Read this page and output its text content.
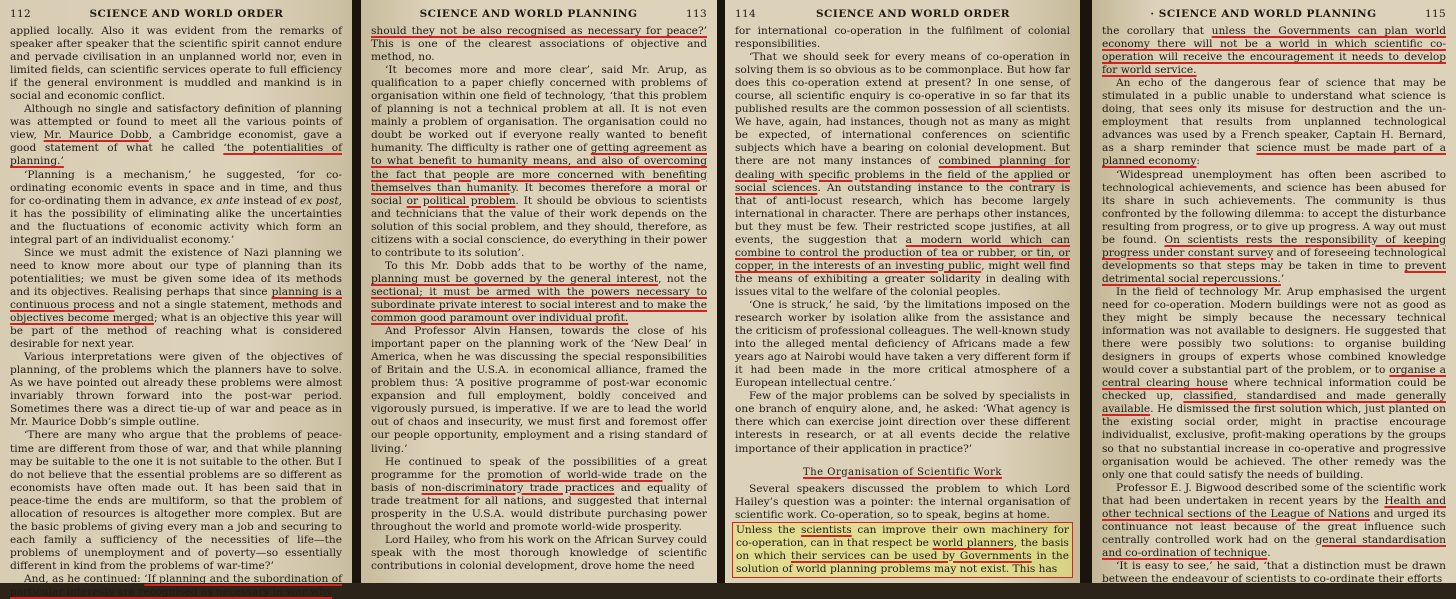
112	SCIENCE AND WORLD ORDER

applied locally. Also it was evident from the remarks of speaker after speaker that the scientific spirit cannot endure and pervade civilisation in an unplanned world nor, even in limited fields, can scientific services operate to full efficiency if the general environment is muddled and mankind is in social and economic conflict.

Although no single and satisfactory definition of planning was attempted or found to meet all the various points of view, Mr. Maurice Dobb, a Cambridge economist, gave a good statement of what he called ‘the potentialities of planning.’

‘Planning is a mechanism,’ he suggested, ‘for co-ordinating economic events in space and in time, and thus for co-ordinating them in advance, ex ante instead of ex post, it has the possibility of eliminating alike the uncertainties and the fluctuations of economic activity which form an integral part of an individualist economy.’

Since we must admit the existence of Nazi planning we need to know more about our type of planning than its potentialities; we must be given some idea of its methods and its objectives. Realising perhaps that since planning is a continuous process and not a single statement, methods and objectives become merged; what is an objective this year will be part of the method of reaching what is considered desirable for next year.

Various interpretations were given of the objectives of planning, of the problems which the planners have to solve. As we have pointed out already these problems were almost invariably thrown forward into the post-war period. Sometimes there was a direct tie-up of war and peace as in Mr. Maurice Dobb’s simple outline.

‘There are many who argue that the problems of peace-time are different from those of war, and that while planning may be suitable to the one it is not suitable to the other. But I do not believe that the essential problems are so different as economists have often made out. It has been said that in peace-time the ends are multiform, so that the problem of allocation of resources is altogether more complex. But are the basic problems of giving every man a job and securing to each family a sufficiency of the necessities of life—the problems of unemployment and of poverty—so essentially different in kind from the problems of war-time?’

And, as he continued: ‘If planning and the subordination of particular interests are recognised as necessary in war why

SCIENCE AND WORLD PLANNING	113

should they not be also recognised as necessary for peace?’ This is one of the clearest associations of objective and method, no.

‘It becomes more and more clear’, said Mr. Arup, as qualification to a paper chiefly concerned with problems of organisation within one field of technology, ‘that this problem of planning is not a technical problem at all. It is not even mainly a problem of organisation. The organisation could no doubt be worked out if everyone really wanted to benefit humanity. The difficulty is rather one of getting agreement as to what benefit to humanity means, and also of overcoming the fact that people are more concerned with benefiting themselves than humanity. It becomes therefore a moral or social or political problem. It should be obvious to scientists and technicians that the value of their work depends on the solution of this social problem, and they should, therefore, as citizens with a social conscience, do everything in their power to contribute to its solution’.

To this Mr. Dobb adds that to be worthy of the name, planning must be governed by the general interest, not the sectional; it must be armed with the powers necessary to subordinate private interest to social interest and to make the common good paramount over individual profit.

And Professor Alvin Hansen, towards the close of his important paper on the planning work of the ‘New Deal’ in America, when he was discussing the special responsibilities of Britain and the U.S.A. in economical alliance, framed the problem thus: ‘A positive programme of post-war economic expansion and full employment, boldly conceived and vigorously pursued, is imperative. If we are to lead the world out of chaos and insecurity, we must first and foremost offer our people opportunity, employment and a rising standard of living.’

He continued to speak of the possibilities of a great programme for the promotion of world-wide trade on the basis of non-discriminatory trade practices and equality of trade treatment for all nations, and suggested that internal prosperity in the U.S.A. would distribute purchasing power throughout the world and promote world-wide prosperity.

Lord Hailey, who from his work on the African Survey could speak with the most thorough knowledge of scientific contributions in colonial development, drove home the need

114	SCIENCE AND WORLD ORDER

for international co-operation in the fulfilment of colonial responsibilities.

‘That we should seek for every means of co-operation in solving them is so obvious as to be commonplace. But how far does this co-operation extend at present? In one sense, of course, all scientific enquiry is co-operative in so far that its published results are the common possession of all scientists. We have, again, had instances, though not as many as might be expected, of international conferences on scientific subjects which have a bearing on colonial development. But there are not many instances of combined planning for dealing with specific problems in the field of the applied or social sciences. An outstanding instance to the contrary is that of anti-locust research, which has become largely international in character. There are perhaps other instances, but they must be few. Their restricted scope justifies, at all events, the suggestion that a modern world which can combine to control the production of tea or rubber, or tin, or copper, in the interests of an investing public, might well find the means of exhibiting a greater solidarity in dealing with issues vital to the welfare of the colonial peoples.

‘One is struck,’ he said, ‘by the limitations imposed on the research worker by isolation alike from the assistance and the criticism of professional colleagues. The well-known study into the alleged mental deficiency of Africans made a few years ago at Nairobi would have taken a very different form if it had been made in the more critical atmosphere of a European intellectual centre.’

Few of the major problems can be solved by specialists in one branch of enquiry alone, and, he asked: ‘What agency is there which can exercise joint direction over these different interests in research, or at all events decide the relative importance of their application in practice?’

The Organisation of Scientific Work

Several speakers discussed the problem to which Lord Hailey’s question was a pointer: the internal organisation of scientific work. Co-operation, so to speak, begins at home.

Unless the scientists can improve their own machinery for co-operation, can in that respect be world planners, the basis on which their services can be used by Governments in the solution of world planning problems may not exist. This has

· SCIENCE AND WORLD PLANNING	115

the corollary that unless the Governments can plan world economy there will not be a world in which scientific co-operation will receive the encouragement it needs to develop for world service.

An echo of the dangerous fear of science that may be stimulated in a public unable to understand what science is doing, that sees only its misuse for destruction and the un-employment that results from unplanned technological advances was used by a French speaker, Captain H. Bernard, as a sharp reminder that science must be made part of a planned economy:

‘Widespread unemployment has often been ascribed to technological achievements, and science has been abused for its share in such achievements. The community is thus confronted by the following dilemma: to accept the disturbance resulting from progress, or to give up progress. A way out must be found. On scientists rests the responsibility of keeping progress under constant survey and of foreseeing technological developments so that steps may be taken in time to prevent detrimental social repercussions.’

In the field of technology Mr. Arup emphasised the urgent need for co-operation. Modern buildings were not as good as they might be simply because the necessary technical information was not available to designers. He suggested that there were possibly two solutions: to organise building designers in groups of experts whose combined knowledge would cover a substantial part of the problem, or to organise a central clearing house where technical information could be checked up, classified, standardised and made generally available. He dismissed the first solution which, just planted on the existing social order, might in practise encourage individualist, exclusive, profit-making operations by the groups so that no substantial increase in co-operative and progressive organisation would be achieved. The other remedy was the only one that could satisfy the needs of building.

Professor E. J. Bigwood described some of the scientific work that had been undertaken in recent years by the Health and other technical sections of the League of Nations and urged its continuance not least because of the great influence such centrally controlled work had on the general standardisation and co-ordination of technique.

‘It is easy to see,’ he said, ‘that a distinction must be drawn between the endeavour of scientists to co-ordinate their efforts
